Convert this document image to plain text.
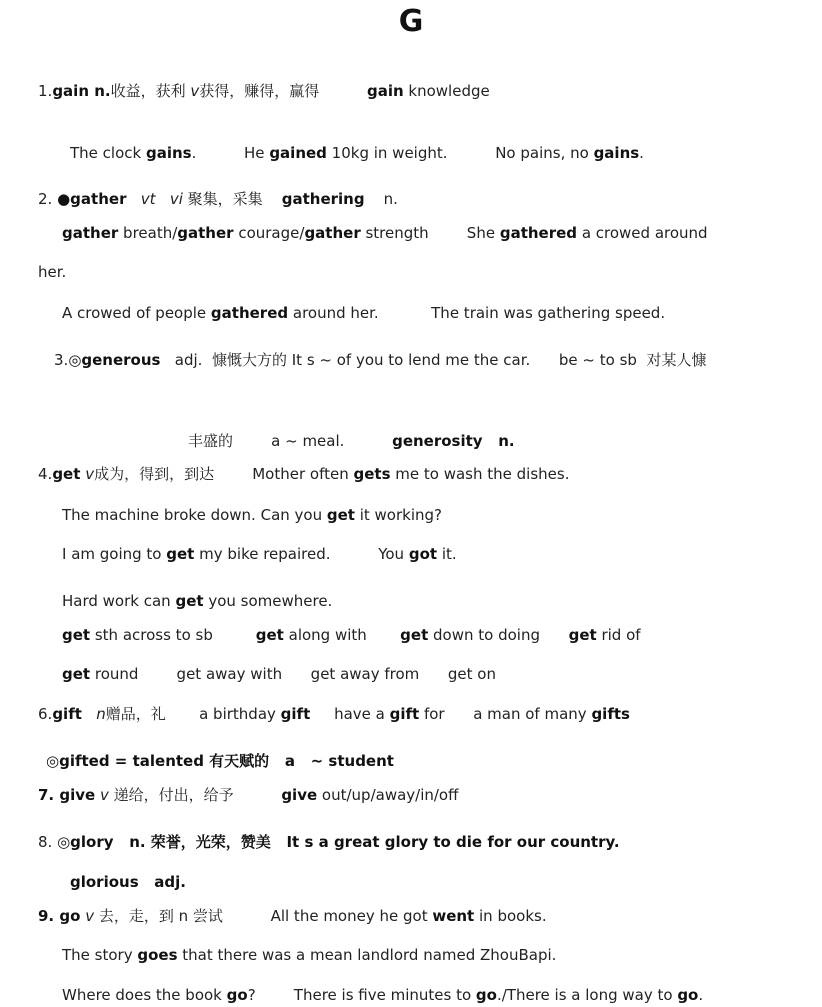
G
1.gain n.收益，获利 v获得，赚得，赢得          gain knowledge
The clock gains.          He gained 10kg in weight.          No pains, no gains.
2. ●gather vt   vi 聚集，采集    gathering    n.
gather breath/gather courage/gather strength        She gathered a crowed around
her.
A crowed of people gathered around her.           The train was gathering speed.
3.◎generous   adj.  慷慨大方的 It s ~ of you to lend me the car.      be ~ to sb  对某人慷
丰盛的        a ~ meal.          generosity   n.
4.get v成为，得到，到达        Mother often gets me to wash the dishes.
The machine broke down. Can you get it working?
I am going to get my bike repaired.          You got it.
Hard work can get you somewhere.
get sth across to sb         get along with       get down to doing      get rid of
get round        get away with      get away from      get on
6.gift n赠品，礼       a birthday gift     have a gift for      a man of many gifts
◎gifted = talented 有天赋的   a   ~ student
7. give v 递给，付出，给予          give out/up/away/in/off
8. ◎glory   n. 荣誉，光荣，赞美   It s a great glory to die for our country.
glorious   adj.
9. go v 去，走，到 n 尝试          All the money he got went in books.
The story goes that there was a mean landlord named ZhouBapi.
Where does the book go?        There is five minutes to go./There is a long way to go.
